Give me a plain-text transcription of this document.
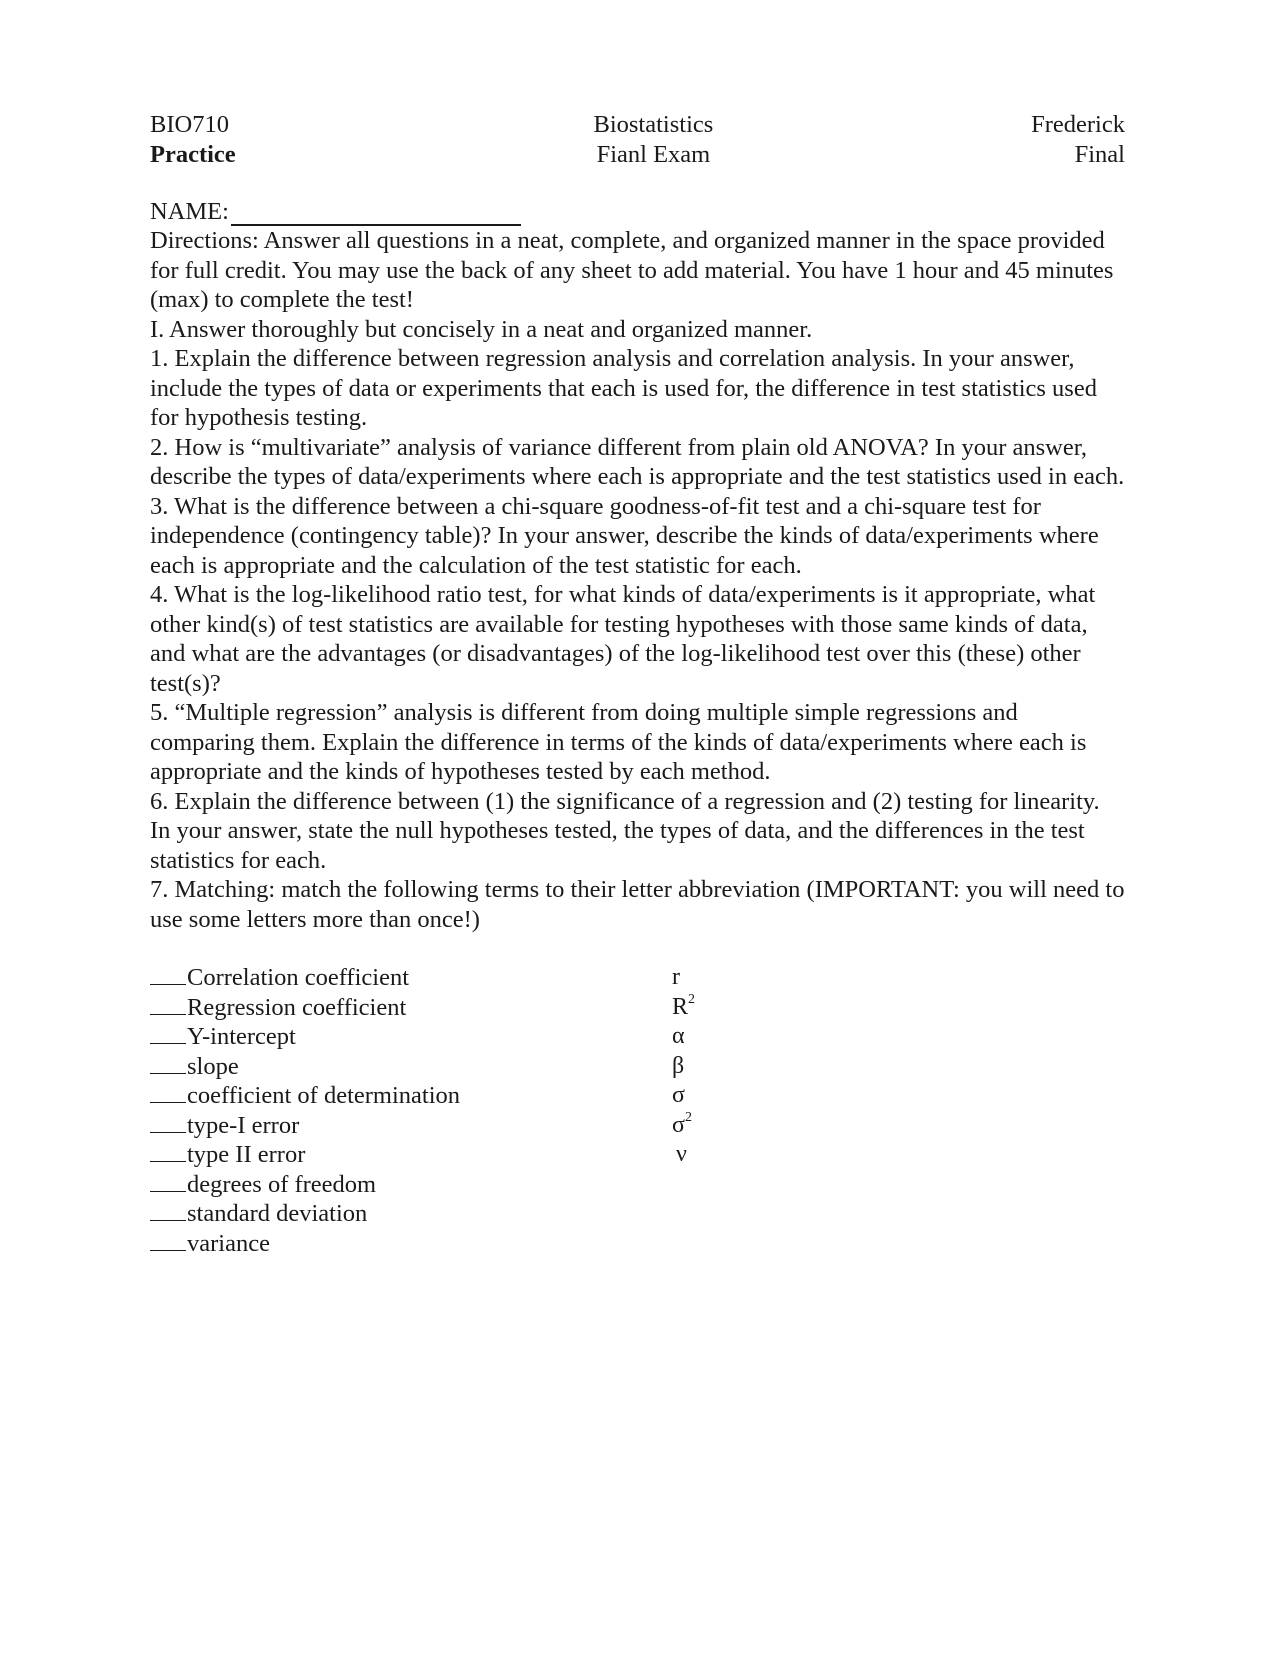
BIO710
Practice
Biostatistics
Fianl Exam
Frederick
Final
NAME:

Directions: Answer all questions in a neat, complete, and organized manner in the space provided for full credit. You may use the back of any sheet to add material. You have 1 hour and 45 minutes (max) to complete the test!

I. Answer thoroughly but concisely in a neat and organized manner.

1. Explain the difference between regression analysis and correlation analysis. In your answer, include the types of data or experiments that each is used for, the difference in test statistics used for hypothesis testing.

2. How is “multivariate” analysis of variance different from plain old ANOVA? In your answer, describe the types of data/experiments where each is appropriate and the test statistics used in each.

3. What is the difference between a chi-square goodness-of-fit test and a chi-square test for independence (contingency table)? In your answer, describe the kinds of data/experiments where each is appropriate and the calculation of the test statistic for each.

4. What is the log-likelihood ratio test, for what kinds of data/experiments is it appropriate, what other kind(s) of test statistics are available for testing hypotheses with those same kinds of data, and what are the advantages (or disadvantages) of the log-likelihood test over this (these) other test(s)?

5. “Multiple regression” analysis is different from doing multiple simple regressions and comparing them. Explain the difference in terms of the kinds of data/experiments where each is appropriate and the kinds of hypotheses tested by each method.

6. Explain the difference between (1) the significance of a regression and (2) testing for linearity. In your answer, state the null hypotheses tested, the types of data, and the differences in the test statistics for each.

7. Matching: match the following terms to their letter abbreviation (IMPORTANT: you will need to use some letters more than once!)

Correlation coefficient
Regression coefficient
Y-intercept
slope
coefficient of determination
type-I error
type II error
degrees of freedom
standard deviation
variance
r
$R^2$
α
β
σ
$\sigma^2$
ν
